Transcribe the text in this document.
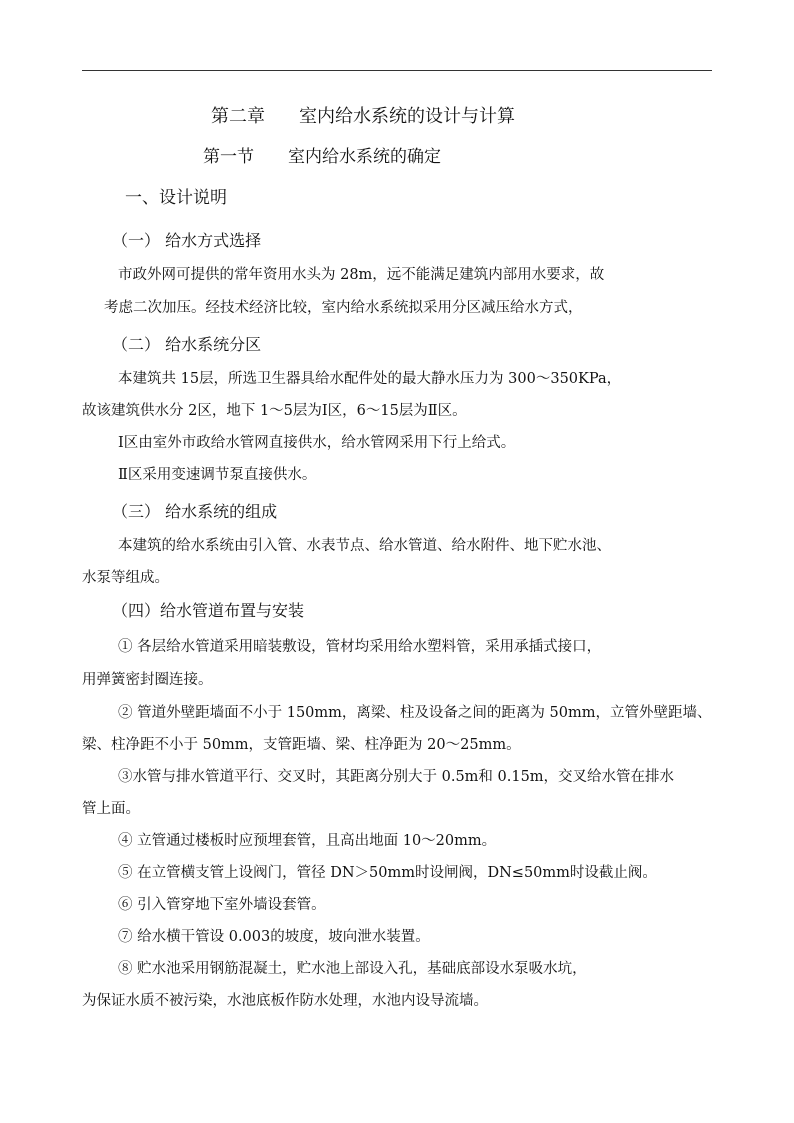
第二章 室内给水系统的设计与计算
第一节 室内给水系统的确定
一、设计说明
（一） 给水方式选择
市政外网可提供的常年资用水头为 28m，远不能满足建筑内部用水要求，故
考虑二次加压。经技术经济比较，室内给水系统拟采用分区减压给水方式，
（二） 给水系统分区
本建筑共 15层，所选卫生器具给水配件处的最大静水压力为 300～350KPa，
故该建筑供水分 2区，地下 1～5层为Ⅰ区，6～15层为Ⅱ区。
Ⅰ区由室外市政给水管网直接供水，给水管网采用下行上给式。
Ⅱ区采用变速调节泵直接供水。
（三） 给水系统的组成
本建筑的给水系统由引入管、水表节点、给水管道、给水附件、地下贮水池、
水泵等组成。
（四）给水管道布置与安装
① 各层给水管道采用暗装敷设，管材均采用给水塑料管，采用承插式接口，
用弹簧密封圈连接。
② 管道外壁距墙面不小于 150mm，离梁、柱及设备之间的距离为 50mm，立管外壁距墙、
梁、柱净距不小于 50mm，支管距墙、梁、柱净距为 20～25mm。
③水管与排水管道平行、交叉时，其距离分别大于 0.5m和 0.15m，交叉给水管在排水
管上面。
④ 立管通过楼板时应预埋套管，且高出地面 10～20mm。
⑤ 在立管横支管上设阀门，管径 DN＞50mm时设闸阀，DN≤50mm时设截止阀。
⑥ 引入管穿地下室外墙设套管。
⑦ 给水横干管设 0.003的坡度，坡向泄水装置。
⑧ 贮水池采用钢筋混凝土，贮水池上部设入孔，基础底部设水泵吸水坑，
为保证水质不被污染，水池底板作防水处理，水池内设导流墙。
